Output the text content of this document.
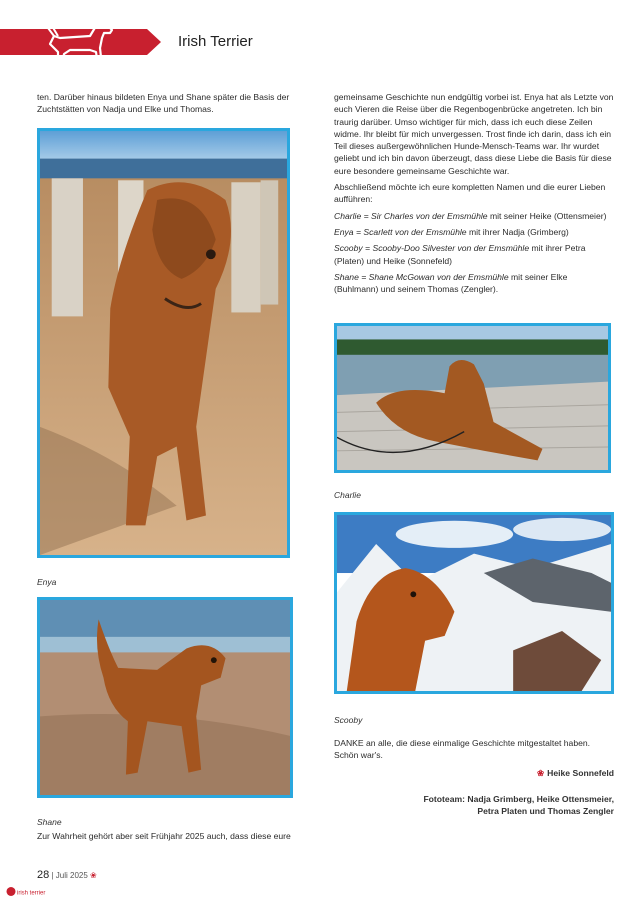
Irish Terrier

ten. Darüber hinaus bildeten Enya und Shane später die Basis der Zuchtstätten von Nadja und Elke und Thomas.

Enya
Shane

gemeinsame Geschichte nun endgültig vorbei ist. Enya hat als Letzte von euch Vieren die Reise über die Regenbogenbrücke angetreten. Ich bin traurig darüber. Umso wichtiger für mich, dass ich euch diese Zeilen widme. Ihr bleibt für mich unvergessen. Trost finde ich darin, dass ich ein Teil dieses außergewöhnlichen Hunde-Mensch-Teams war. Ihr wurdet geliebt und ich bin davon überzeugt, dass diese Liebe die Basis für diese eure besondere gemeinsame Geschichte war.

Abschließend möchte ich eure kompletten Namen und die eurer Lieben aufführen:

Charlie = Sir Charles von der Emsmühle mit seiner Heike (Ottensmeier)

Enya = Scarlett von der Emsmühle mit ihrer Nadja (Grimberg)

Scooby = Scooby-Doo Silvester von der Emsmühle mit ihrer Petra (Platen) und Heike (Sonnefeld)

Shane = Shane McGowan von der Emsmühle mit seiner Elke (Buhlmann) und seinem Thomas (Zengler).

Charlie
Scooby
DANKE an alle, die diese einmalige Geschichte mitgestaltet haben. Schön war's.
❀ Heike Sonnefeld
Fototeam: Nadja Grimberg, Heike Ottensmeier,
Petra Platen und Thomas Zengler
Zur Wahrheit gehört aber seit Frühjahr 2025 auch, dass diese eure
28 | Juli 2025 ❀
irish terrier
